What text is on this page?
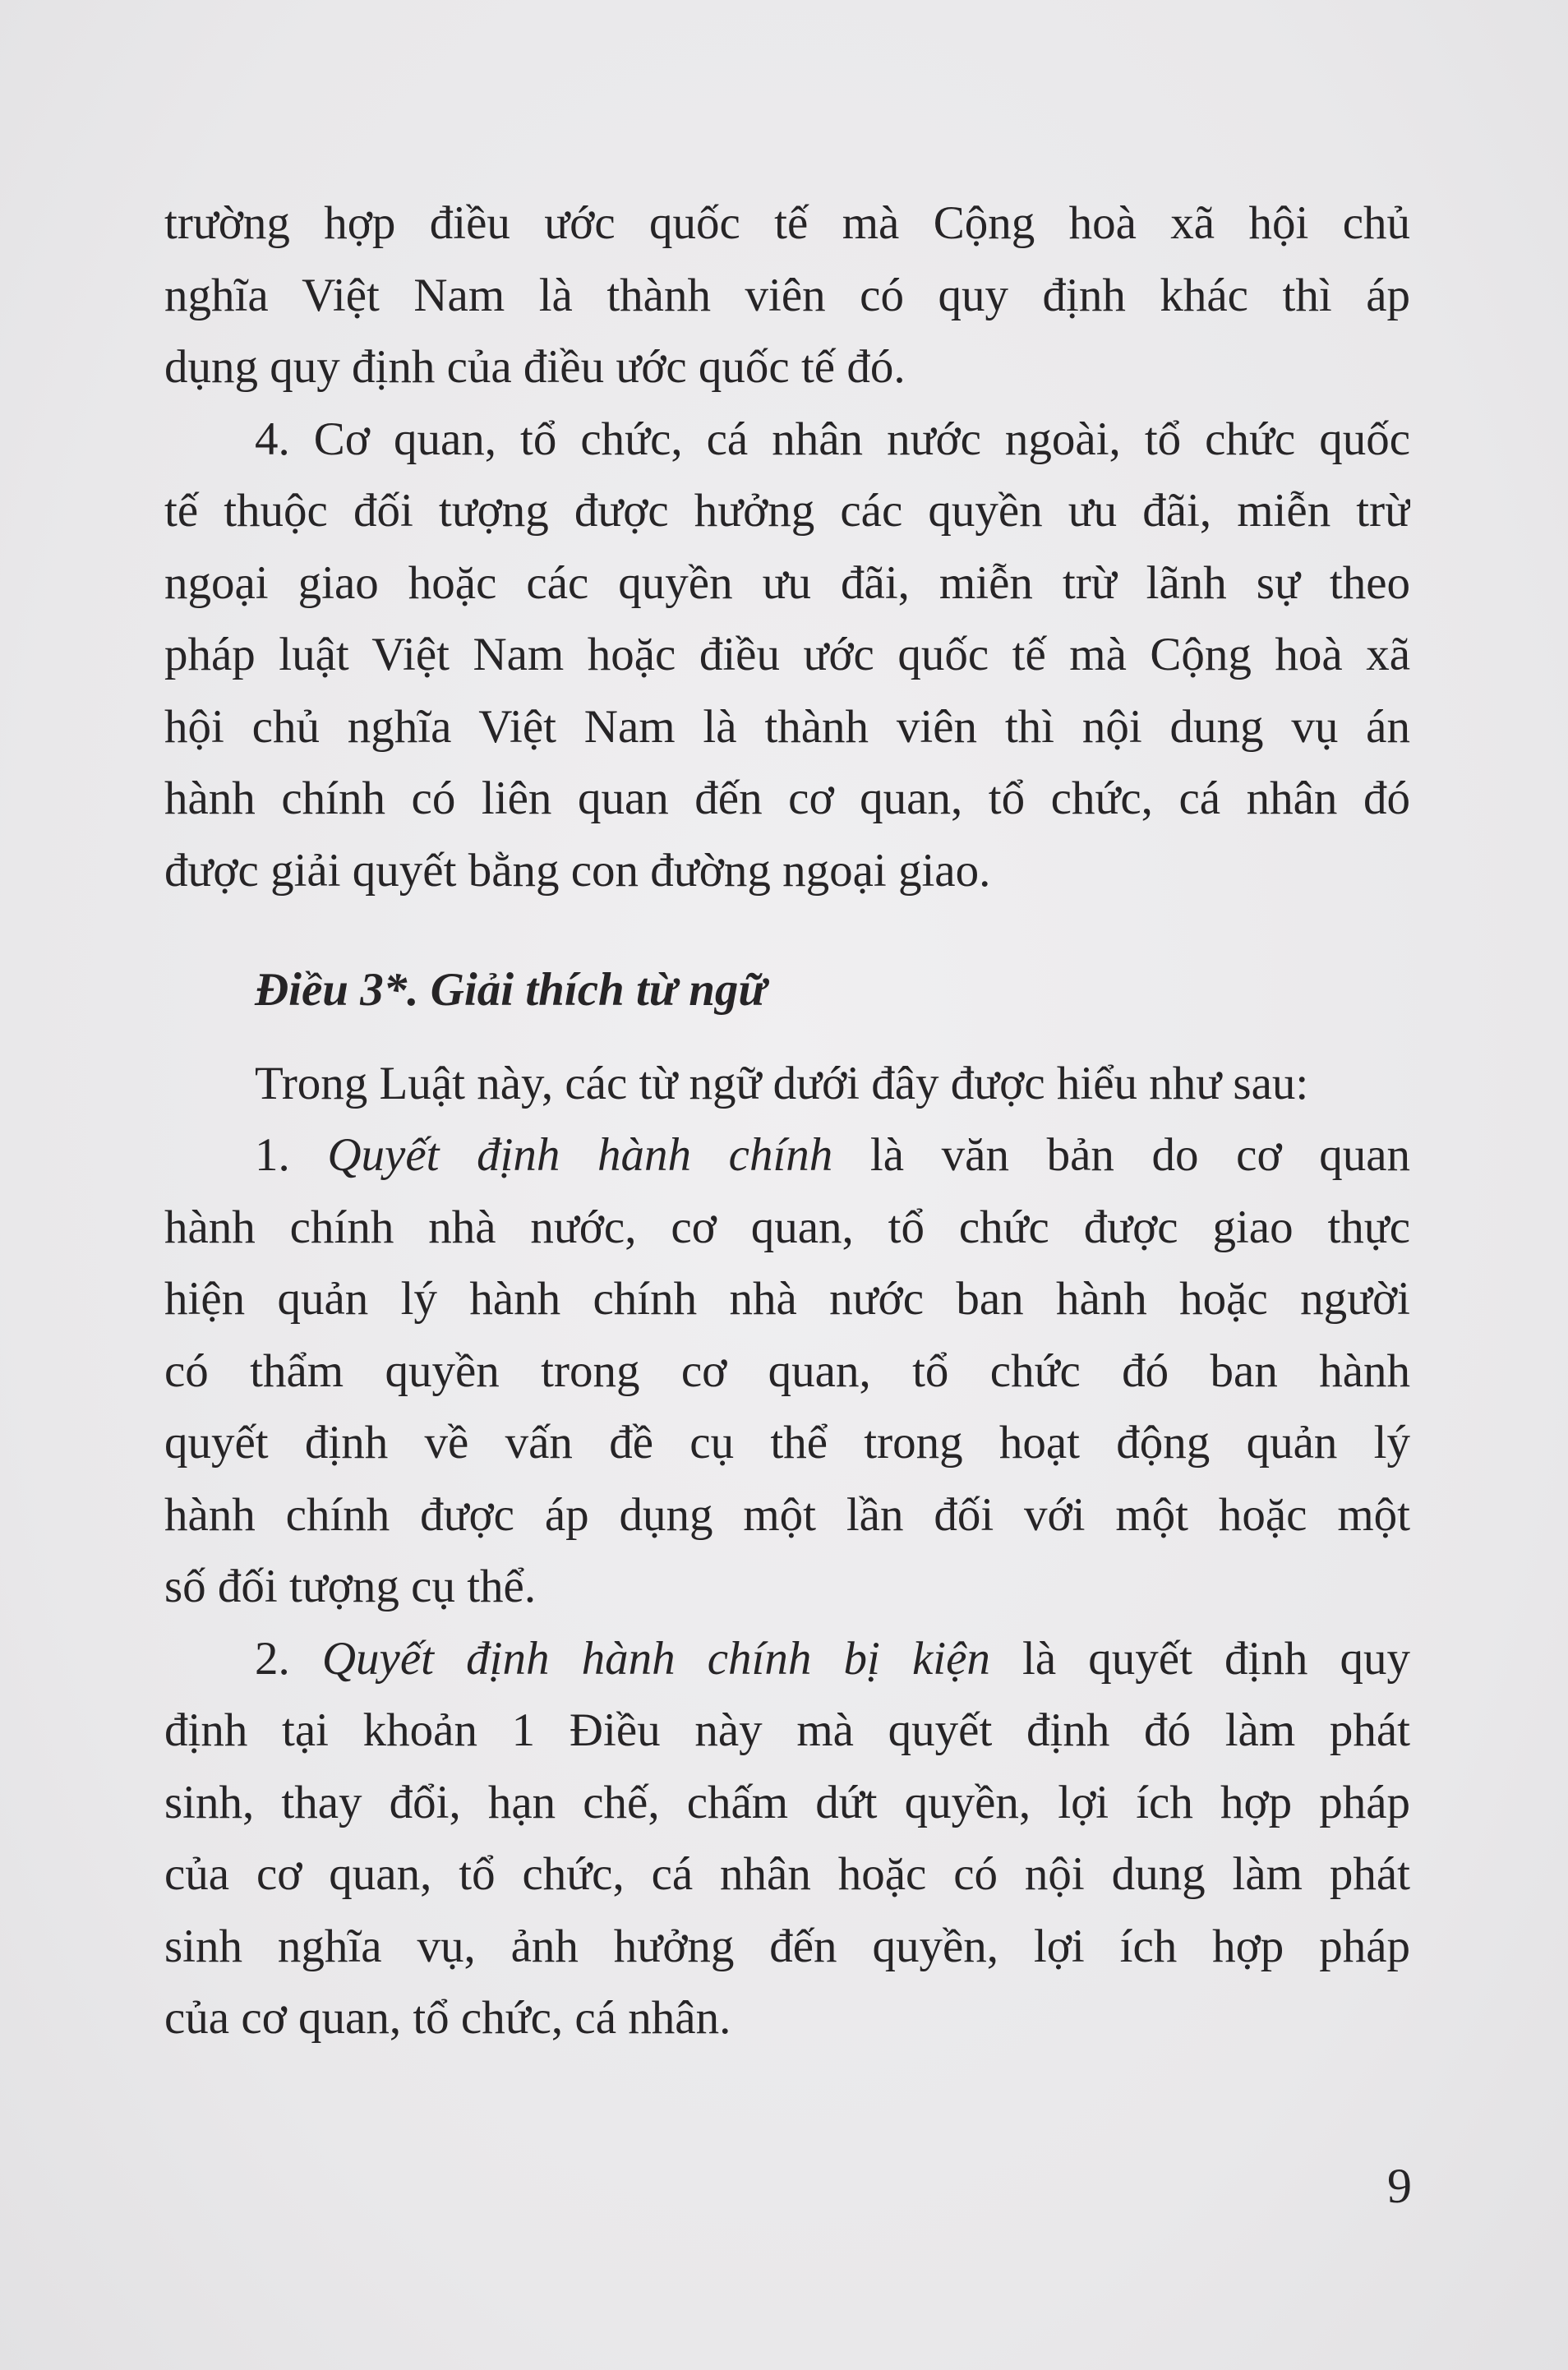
trường hợp điều ước quốc tế mà Cộng hoà xã hội chủ
nghĩa Việt Nam là thành viên có quy định khác thì áp
dụng quy định của điều ước quốc tế đó.
4. Cơ quan, tổ chức, cá nhân nước ngoài, tổ chức quốc
tế thuộc đối tượng được hưởng các quyền ưu đãi, miễn trừ
ngoại giao hoặc các quyền ưu đãi, miễn trừ lãnh sự theo
pháp luật Việt Nam hoặc điều ước quốc tế mà Cộng hoà xã
hội chủ nghĩa Việt Nam là thành viên thì nội dung vụ án
hành chính có liên quan đến cơ quan, tổ chức, cá nhân đó
được giải quyết bằng con đường ngoại giao.
Điều 3*. Giải thích từ ngữ
Trong Luật này, các từ ngữ dưới đây được hiểu như sau:
1. Quyết định hành chính là văn bản do cơ quan
hành chính nhà nước, cơ quan, tổ chức được giao thực
hiện quản lý hành chính nhà nước ban hành hoặc người
có thẩm quyền trong cơ quan, tổ chức đó ban hành
quyết định về vấn đề cụ thể trong hoạt động quản lý
hành chính được áp dụng một lần đối với một hoặc một
số đối tượng cụ thể.
2. Quyết định hành chính bị kiện là quyết định quy
định tại khoản 1 Điều này mà quyết định đó làm phát
sinh, thay đổi, hạn chế, chấm dứt quyền, lợi ích hợp pháp
của cơ quan, tổ chức, cá nhân hoặc có nội dung làm phát
sinh nghĩa vụ, ảnh hưởng đến quyền, lợi ích hợp pháp
của cơ quan, tổ chức, cá nhân.
9
